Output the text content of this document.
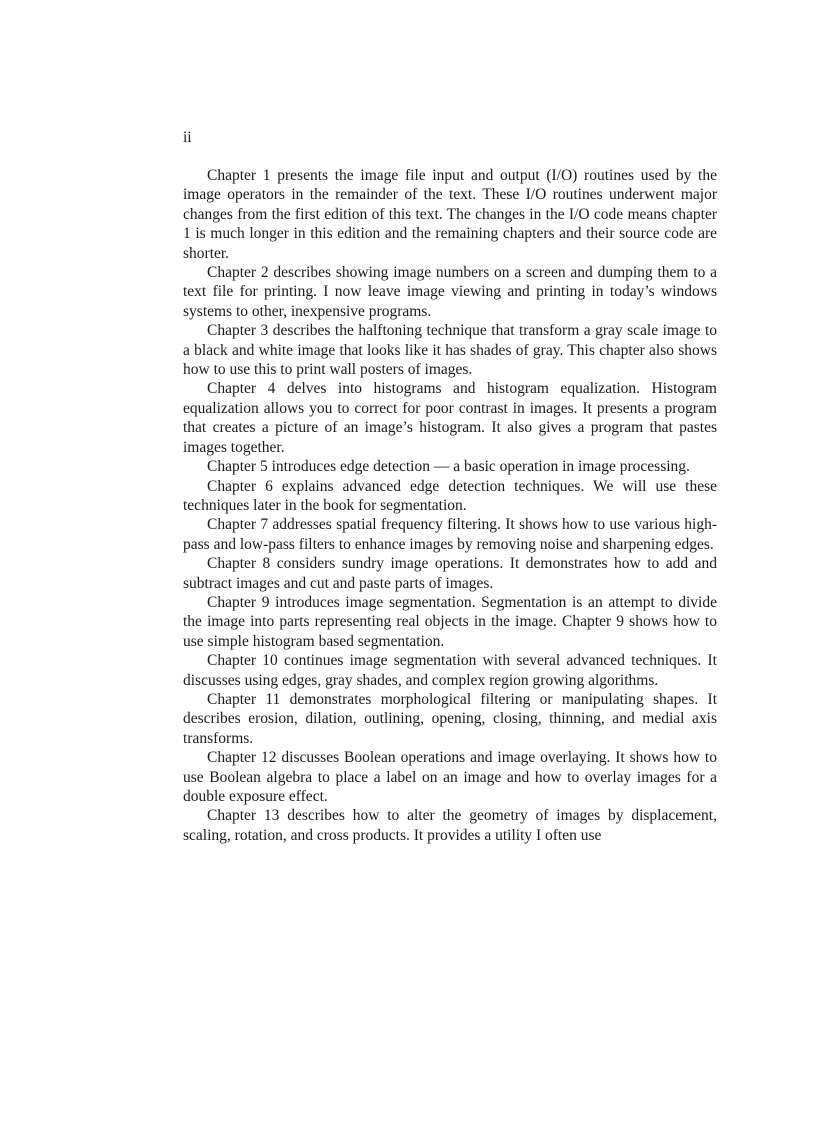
ii

Chapter 1 presents the image file input and output (I/O) routines used by the image operators in the remainder of the text. These I/O routines underwent major changes from the first edition of this text. The changes in the I/O code means chapter 1 is much longer in this edition and the remaining chapters and their source code are shorter.

Chapter 2 describes showing image numbers on a screen and dumping them to a text file for printing. I now leave image viewing and printing in today’s windows systems to other, inexpensive programs.

Chapter 3 describes the halftoning technique that transform a gray scale image to a black and white image that looks like it has shades of gray. This chapter also shows how to use this to print wall posters of images.

Chapter 4 delves into histograms and histogram equalization. Histogram equalization allows you to correct for poor contrast in images. It presents a program that creates a picture of an image’s histogram. It also gives a program that pastes images together.

Chapter 5 introduces edge detection — a basic operation in image processing.

Chapter 6 explains advanced edge detection techniques. We will use these techniques later in the book for segmentation.

Chapter 7 addresses spatial frequency filtering. It shows how to use various high-pass and low-pass filters to enhance images by removing noise and sharpening edges.

Chapter 8 considers sundry image operations. It demonstrates how to add and subtract images and cut and paste parts of images.

Chapter 9 introduces image segmentation. Segmentation is an attempt to divide the image into parts representing real objects in the image. Chapter 9 shows how to use simple histogram based segmentation.

Chapter 10 continues image segmentation with several advanced techniques. It discusses using edges, gray shades, and complex region growing algorithms.

Chapter 11 demonstrates morphological filtering or manipulating shapes. It describes erosion, dilation, outlining, opening, closing, thinning, and medial axis transforms.

Chapter 12 discusses Boolean operations and image overlaying. It shows how to use Boolean algebra to place a label on an image and how to overlay images for a double exposure effect.

Chapter 13 describes how to alter the geometry of images by displacement, scaling, rotation, and cross products. It provides a utility I often use
